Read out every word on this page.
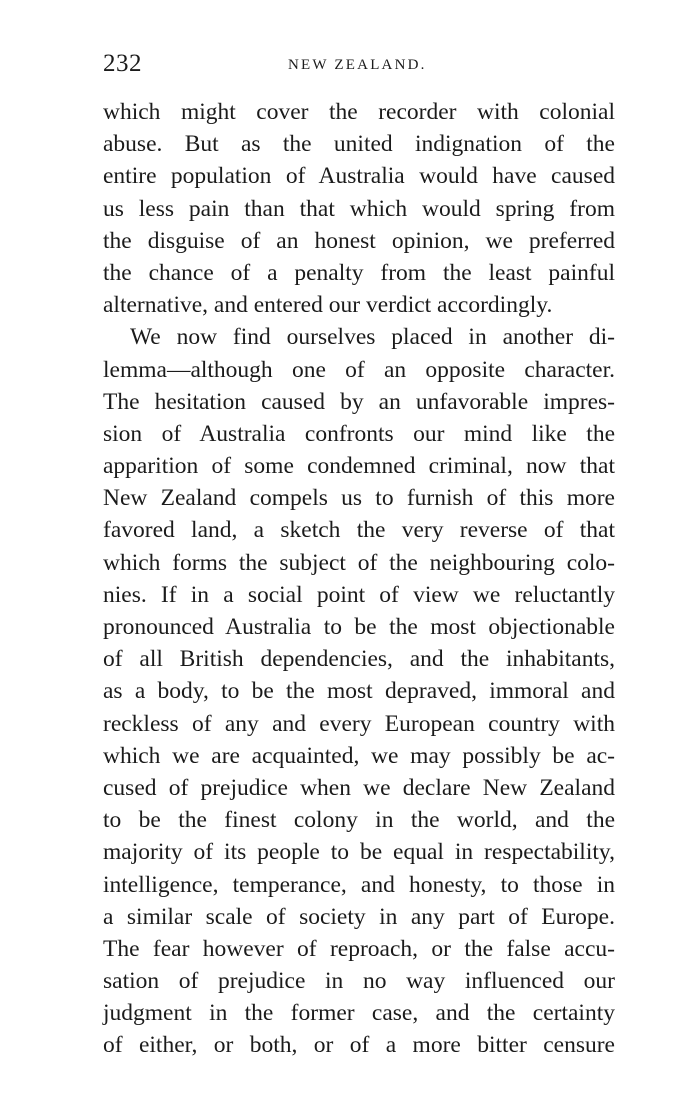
232	NEW ZEALAND.
which might cover the recorder with colonial
abuse. But as the united indignation of the
entire population of Australia would have caused
us less pain than that which would spring from
the disguise of an honest opinion, we preferred
the chance of a penalty from the least painful
alternative, and entered our verdict accordingly.
We now find ourselves placed in another di-
lemma—although one of an opposite character.
The hesitation caused by an unfavorable impres-
sion of Australia confronts our mind like the
apparition of some condemned criminal, now that
New Zealand compels us to furnish of this more
favored land, a sketch the very reverse of that
which forms the subject of the neighbouring colo-
nies. If in a social point of view we reluctantly
pronounced Australia to be the most objectionable
of all British dependencies, and the inhabitants,
as a body, to be the most depraved, immoral and
reckless of any and every European country with
which we are acquainted, we may possibly be ac-
cused of prejudice when we declare New Zealand
to be the finest colony in the world, and the
majority of its people to be equal in respectability,
intelligence, temperance, and honesty, to those in
a similar scale of society in any part of Europe.
The fear however of reproach, or the false accu-
sation of prejudice in no way influenced our
judgment in the former case, and the certainty
of either, or both, or of a more bitter censure
